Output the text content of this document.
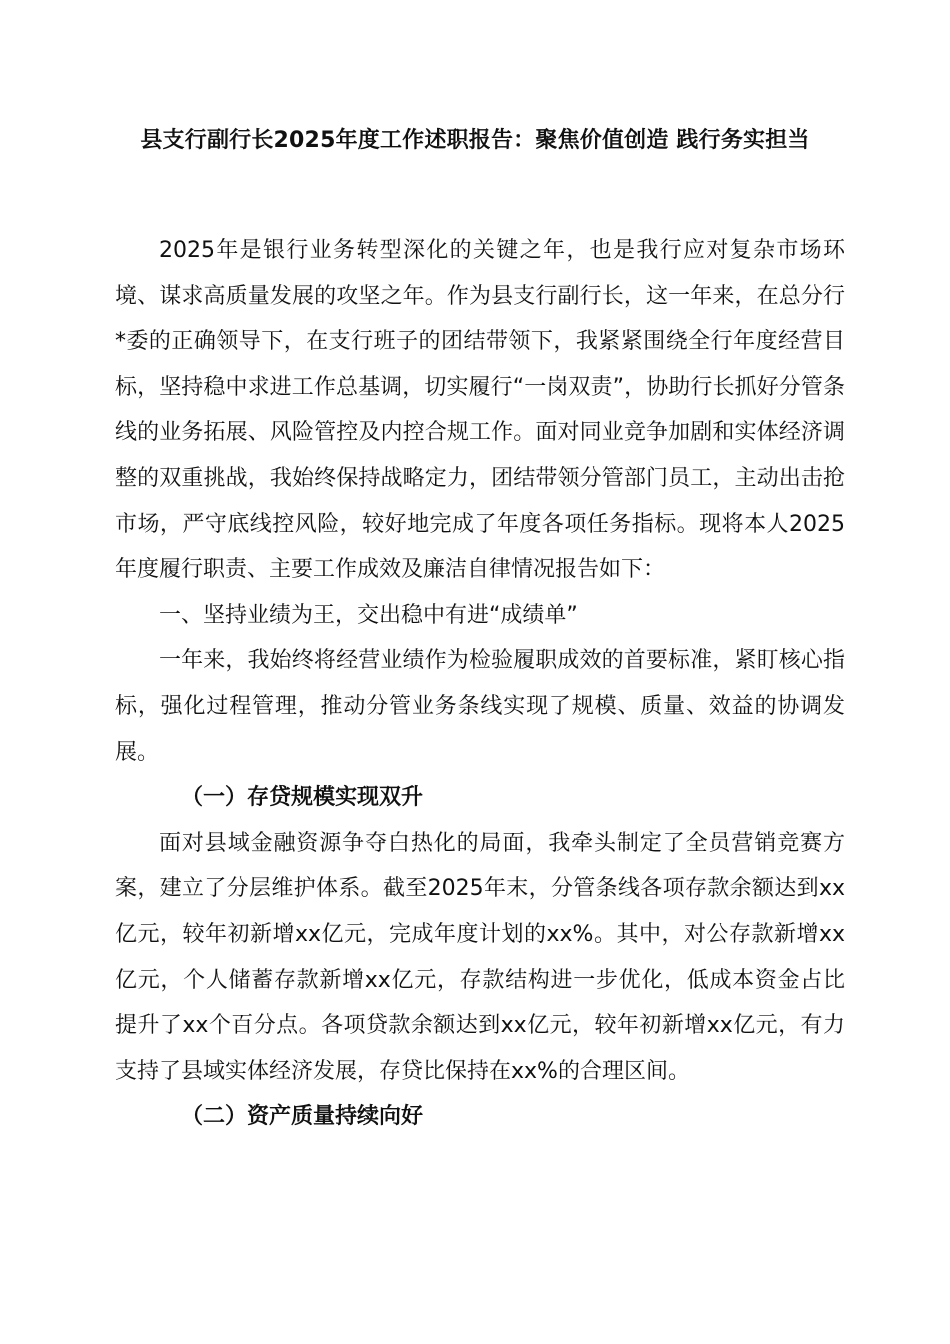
县支行副行长2025年度工作述职报告：聚焦价值创造 践行务实担当

2025年是银行业务转型深化的关键之年，也是我行应对复杂市场环境、谋求高质量发展的攻坚之年。作为县支行副行长，这一年来，在总分行*委的正确领导下，在支行班子的团结带领下，我紧紧围绕全行年度经营目标，坚持稳中求进工作总基调，切实履行“一岗双责”，协助行长抓好分管条线的业务拓展、风险管控及内控合规工作。面对同业竞争加剧和实体经济调整的双重挑战，我始终保持战略定力，团结带领分管部门员工，主动出击抢市场，严守底线控风险，较好地完成了年度各项任务指标。现将本人2025年度履行职责、主要工作成效及廉洁自律情况报告如下：

一、坚持业绩为王，交出稳中有进“成绩单”

一年来，我始终将经营业绩作为检验履职成效的首要标准，紧盯核心指标，强化过程管理，推动分管业务条线实现了规模、质量、效益的协调发展。

（一）存贷规模实现双升

面对县域金融资源争夺白热化的局面，我牵头制定了全员营销竞赛方案，建立了分层维护体系。截至2025年末，分管条线各项存款余额达到xx亿元，较年初新增xx亿元，完成年度计划的xx%。其中，对公存款新增xx亿元，个人储蓄存款新增xx亿元，存款结构进一步优化，低成本资金占比提升了xx个百分点。各项贷款余额达到xx亿元，较年初新增xx亿元，有力支持了县域实体经济发展，存贷比保持在xx%的合理区间。

（二）资产质量持续向好
